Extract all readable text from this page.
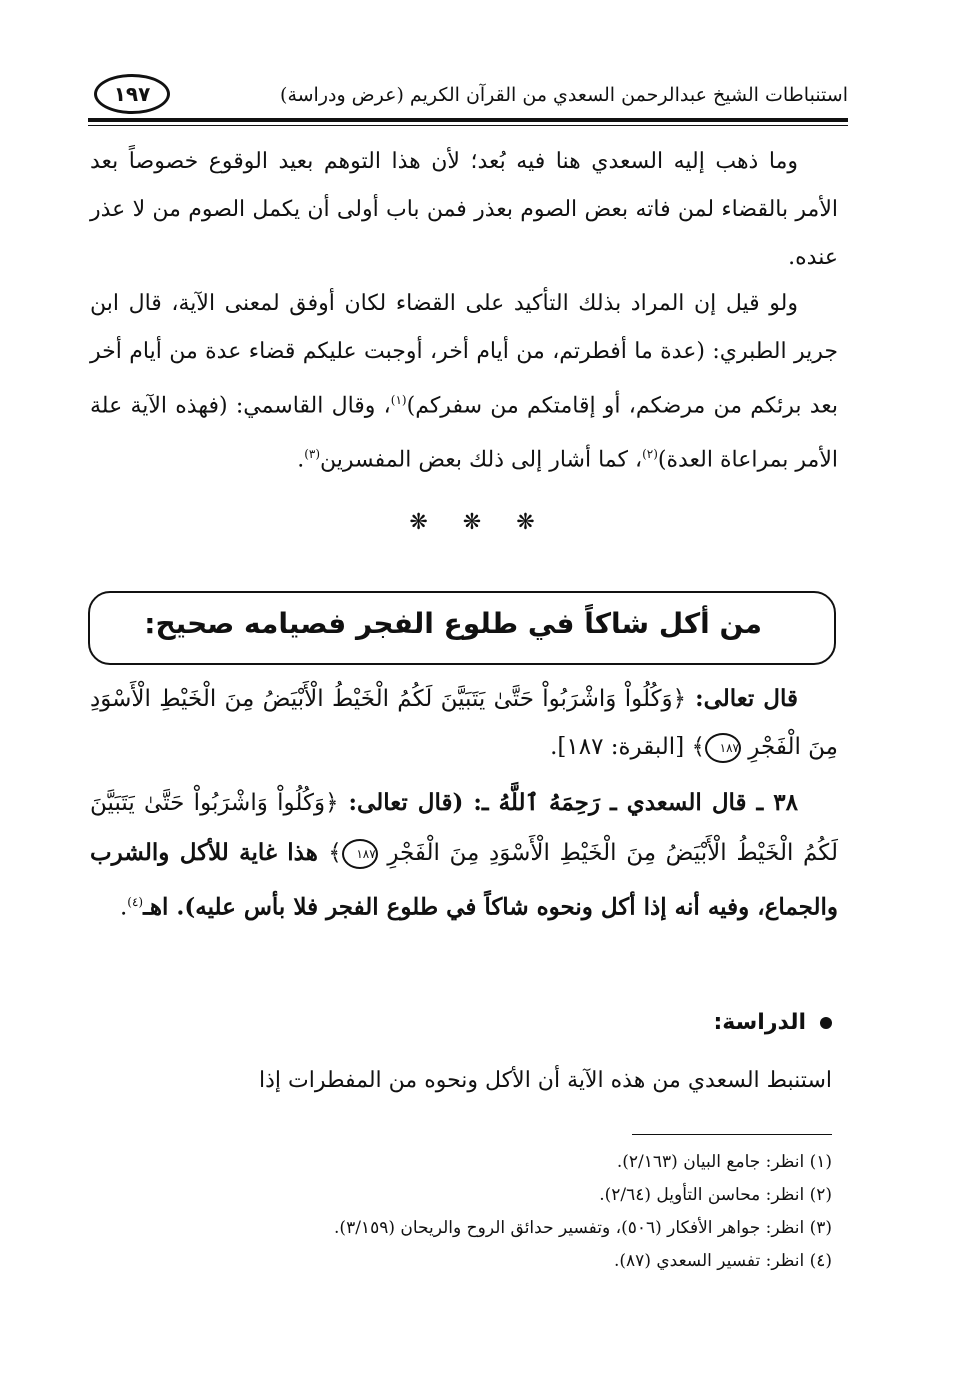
استنباطات الشيخ عبدالرحمن السعدي من القرآن الكريم (عرض ودراسة)
١٩٧

وما ذهب إليه السعدي هنا فيه بُعد؛ لأن هذا التوهم بعيد الوقوع خصوصاً بعد الأمر بالقضاء لمن فاته بعض الصوم بعذر فمن باب أولى أن يكمل الصوم من لا عذر عنده.

ولو قيل إن المراد بذلك التأكيد على القضاء لكان أوفق لمعنى الآية، قال ابن جرير الطبري: (عدة ما أفطرتم، من أيام أخر، أوجبت عليكم قضاء عدة من أيام أخر بعد برئكم من مرضكم، أو إقامتكم من سفركم)$^{(١)}$، وقال القاسمي: (فهذه الآية علة الأمر بمراعاة العدة)$^{(٢)}$، كما أشار إلى ذلك بعض المفسرين$^{(٣)}$.

❋ ❋ ❋
من أكل شاكاً في طلوع الفجر فصيامه صحيح:

قال تعالى: ﴿وَكُلُواْ وَاشْرَبُواْ حَتَّىٰ يَتَبَيَّنَ لَكُمُ الْخَيْطُ الْأَبْيَضُ مِنَ الْخَيْطِ الْأَسْوَدِ مِنَ الْفَجْرِ ١٨٧﴾ [البقرة: ١٨٧].

٣٨ ـ قال السعدي ـ رَحِمَهُ ٱللَّهُ ـ: (قال تعالى: ﴿وَكُلُواْ وَاشْرَبُواْ حَتَّىٰ يَتَبَيَّنَ لَكُمُ الْخَيْطُ الْأَبْيَضُ مِنَ الْخَيْطِ الْأَسْوَدِ مِنَ الْفَجْرِ ١٨٧﴾ هذا غاية للأكل والشرب والجماع، وفيه أنه إذا أكل ونحوه شاكاً في طلوع الفجر فلا بأس عليه). اهـ$^{(٤)}$.

الدراسة:
استنبط السعدي من هذه الآية أن الأكل ونحوه من المفطرات إذا
(١) انظر: جامع البيان (٢/١٦٣).
(٢) انظر: محاسن التأويل (٢/٦٤).
(٣) انظر: جواهر الأفكار (٥٠٦)، وتفسير حدائق الروح والريحان (٣/١٥٩).
(٤) انظر: تفسير السعدي (٨٧).
